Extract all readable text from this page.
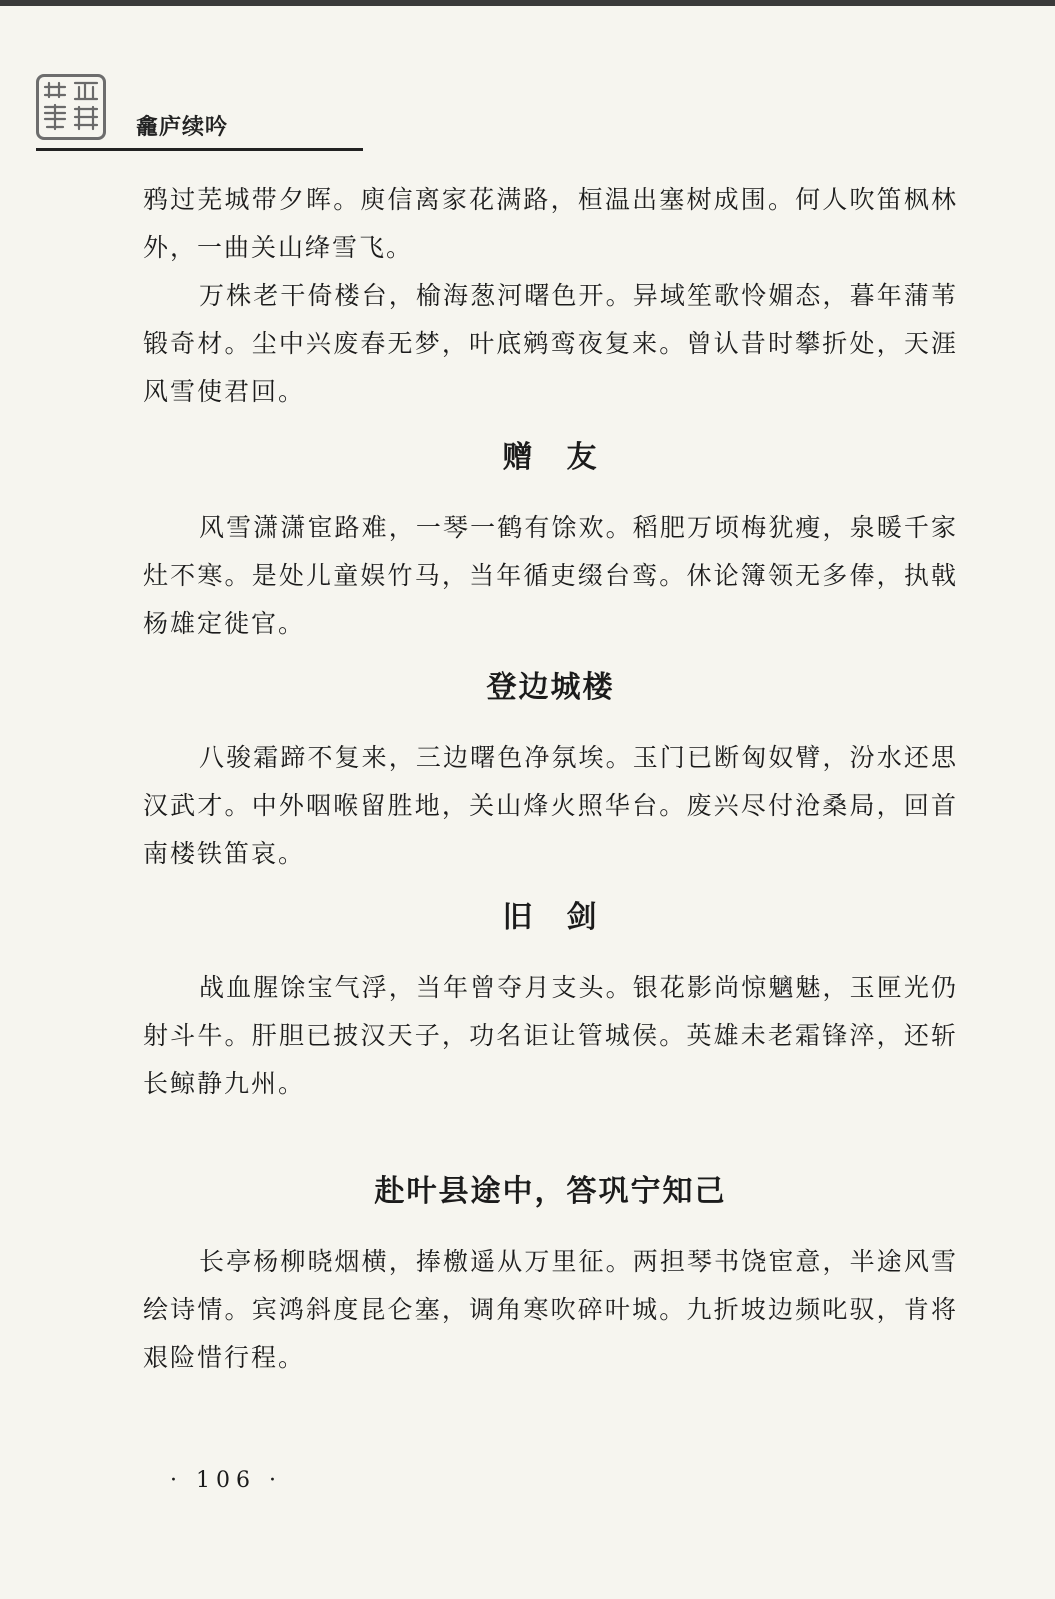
龕庐续吟

鸦过芜城带夕晖。庾信离家花满路，桓温出塞树成围。何人吹笛枫林外，一曲关山绛雪飞。

万株老干倚楼台，榆海葱河曙色开。异域笙歌怜媚态，暮年蒲苇锻奇材。尘中兴废春无梦，叶底鹓鸾夜复来。曾认昔时攀折处，天涯风雪使君回。

赠　友

风雪潇潇宦路难，一琴一鹤有馀欢。稻肥万顷梅犹瘦，泉暖千家灶不寒。是处儿童娱竹马，当年循吏缀台鸾。休论簿领无多俸，执戟杨雄定徙官。

登边城楼

八骏霜蹄不复来，三边曙色净氛埃。玉门已断匈奴臂，汾水还思汉武才。中外咽喉留胜地，关山烽火照华台。废兴尽付沧桑局，回首南楼铁笛哀。

旧　剑

战血腥馀宝气浮，当年曾夺月支头。银花影尚惊魑魅，玉匣光仍射斗牛。肝胆已披汉天子，功名讵让管城侯。英雄未老霜锋淬，还斩长鲸静九州。

赴叶县途中，答巩宁知己

长亭杨柳晓烟横，捧檄遥从万里征。两担琴书饶宦意，半途风雪绘诗情。宾鸿斜度昆仑塞，调角寒吹碎叶城。九折坡边频叱驭，肯将艰险惜行程。

· 106 ·
